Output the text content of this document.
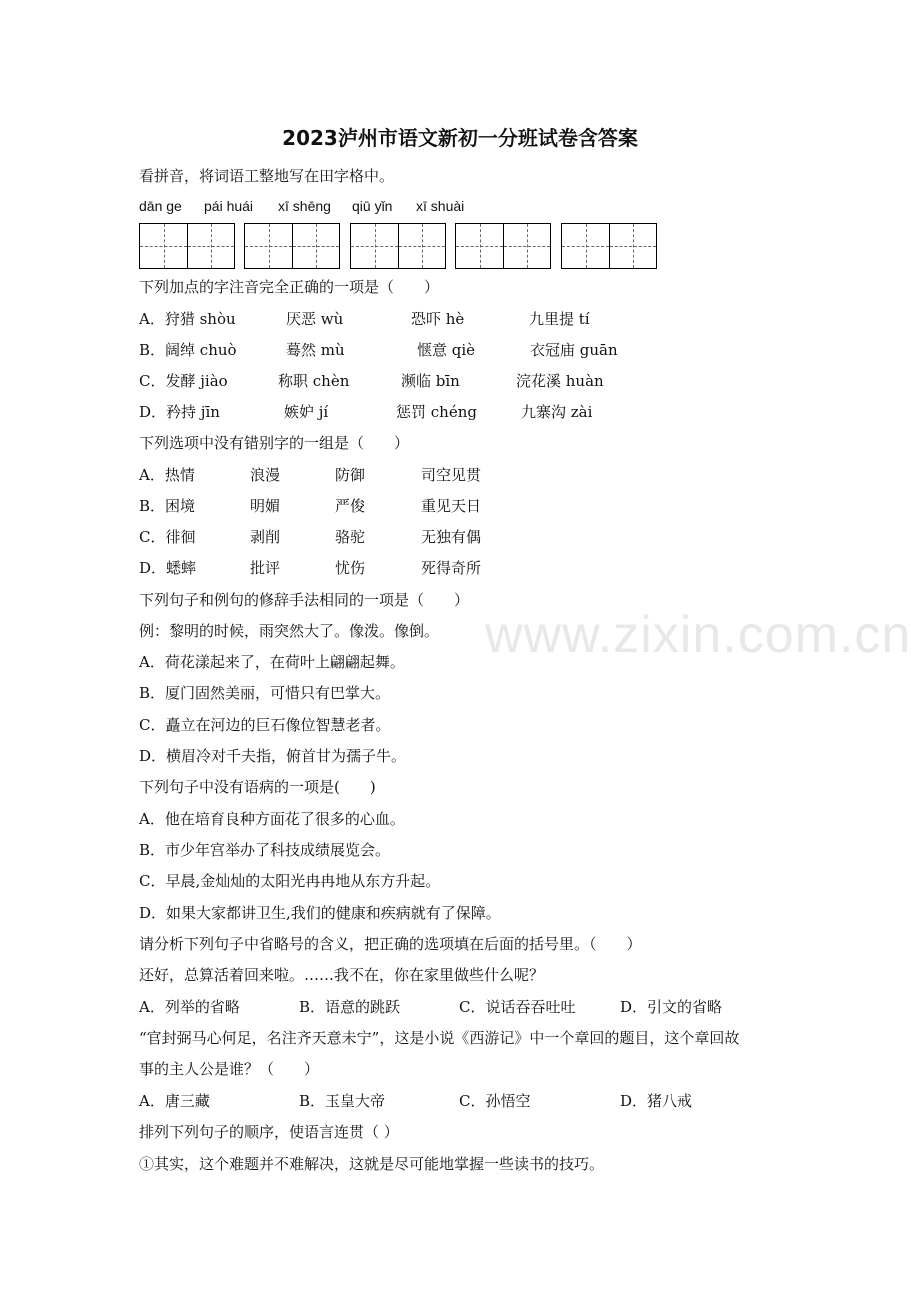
www.zixin.com.cn
2023泸州市语文新初一分班试卷含答案
看拼音，将词语工整地写在田字格中。
dān ge pái huái xī shēng qiū yǐn xī shuài
下列加点的字注音完全正确的一项是（　　）
A．狩猎 shòu	厌恶 wù	恐吓 hè	九里提 tí
B．阔绰 chuò	蓦然 mù	惬意 qiè	衣冠庙 guān
C．发酵 jiào	称职 chèn	濒临 bīn	浣花溪 huàn
D．矜持 jīn	嫉妒 jí	惩罚 chéng	九寨沟 zài
下列选项中没有错别字的一组是（　　）
A．热情	浪漫	防御	司空见贯
B．困境	明媚	严俊	重见天日
C．徘徊	剥削	骆驼	无独有偶
D．蟋蟀	批评	忧伤	死得奇所
下列句子和例句的修辞手法相同的一项是（　　）
例：黎明的时候，雨突然大了。像泼。像倒。
A．荷花漾起来了，在荷叶上翩翩起舞。
B．厦门固然美丽，可惜只有巴掌大。
C．矗立在河边的巨石像位智慧老者。
D．横眉冷对千夫指，俯首甘为孺子牛。
下列句子中没有语病的一项是(　　)
A．他在培育良种方面花了很多的心血。
B．市少年宫举办了科技成绩展览会。
C．早晨,金灿灿的太阳光冉冉地从东方升起。
D．如果大家都讲卫生,我们的健康和疾病就有了保障。
请分析下列句子中省略号的含义，把正确的选项填在后面的括号里。（　　）
还好，总算活着回来啦。……我不在，你在家里做些什么呢？
A．列举的省略	B．语意的跳跃	C．说话吞吞吐吐	D．引文的省略
“官封弼马心何足，名注齐天意未宁”，这是小说《西游记》中一个章回的题目，这个章回故
事的主人公是谁？（　　）
A．唐三藏	B．玉皇大帝	C．孙悟空	D．猪八戒
排列下列句子的顺序，使语言连贯（ ）
①其实，这个难题并不难解决，这就是尽可能地掌握一些读书的技巧。
